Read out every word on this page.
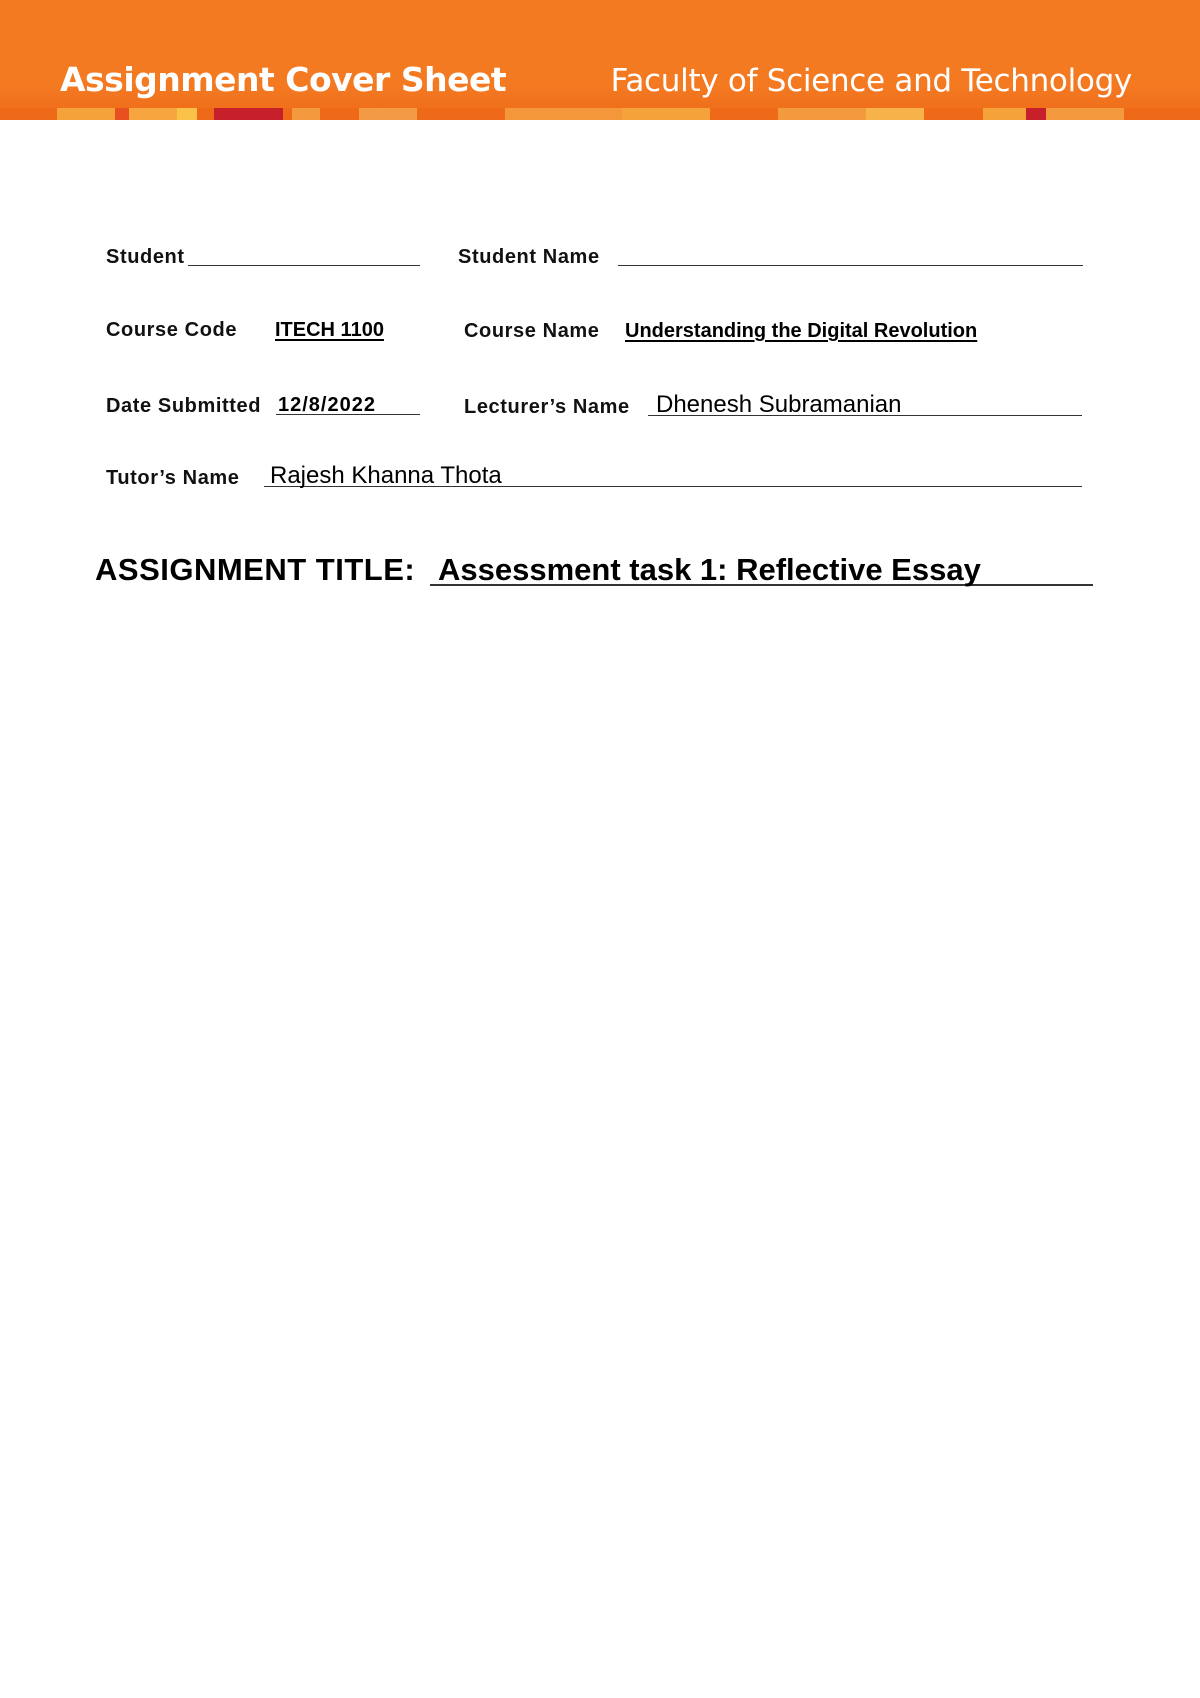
Assignment Cover Sheet	Faculty of Science and Technology
Student	Student Name
Course Code ITECH 1100	Course Name Understanding the Digital Revolution
Date Submitted 12/8/2022	Lecturer’s Name Dhenesh Subramanian
Tutor’s Name Rajesh Khanna Thota
ASSIGNMENT TITLE: Assessment task 1: Reflective Essay
